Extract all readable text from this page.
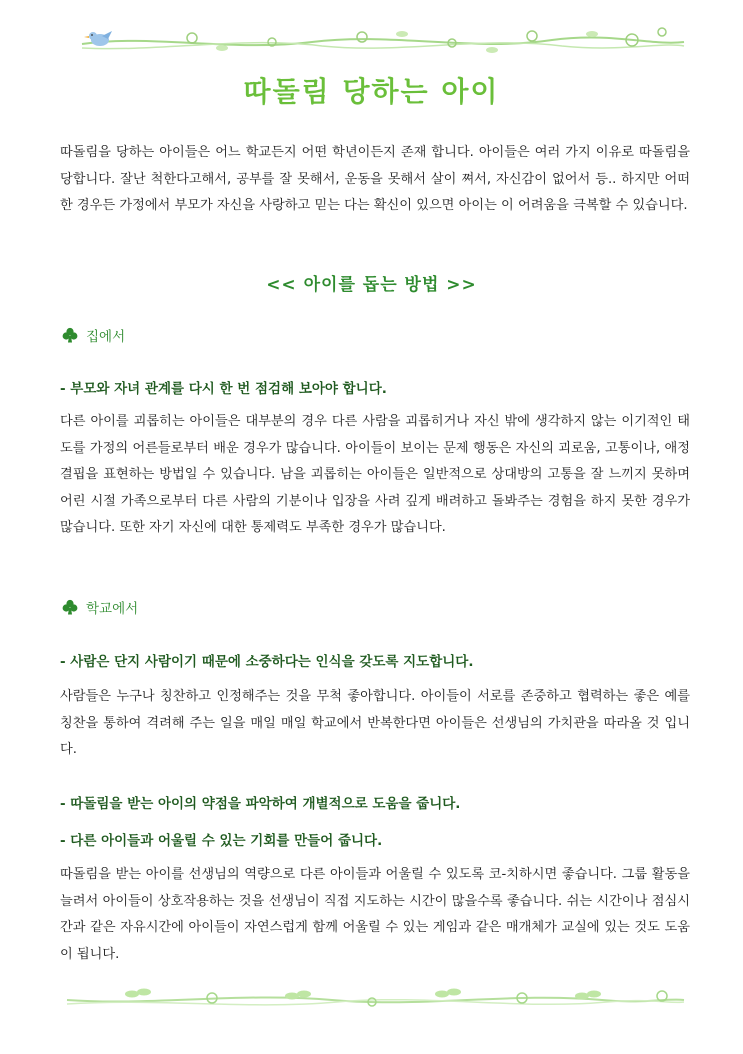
따돌림 당하는 아이
따돌림을 당하는 아이들은 어느 학교든지 어떤 학년이든지 존재 합니다. 아이들은 여러 가지 이유로 따돌림을 당합니다. 잘난 척한다고해서, 공부를 잘 못해서, 운동을 못해서 살이 쪄서, 자신감이 없어서 등.. 하지만 어떠한 경우든 가정에서 부모가 자신을 사랑하고 믿는 다는 확신이 있으면 아이는 이 어려움을 극복할 수 있습니다.
<< 아이를 돕는 방법 >>
집에서
- 부모와 자녀 관계를 다시 한 번 점검해 보아야 합니다.
다른 아이를 괴롭히는 아이들은 대부분의 경우 다른 사람을 괴롭히거나 자신 밖에 생각하지 않는 이기적인 태도를 가정의 어른들로부터 배운 경우가 많습니다. 아이들이 보이는 문제 행동은 자신의 괴로움, 고통이나, 애정결핍을 표현하는 방법일 수 있습니다. 남을 괴롭히는 아이들은 일반적으로 상대방의 고통을 잘 느끼지 못하며 어린 시절 가족으로부터 다른 사람의 기분이나 입장을 사려 깊게 배려하고 돌봐주는 경험을 하지 못한 경우가 많습니다. 또한 자기 자신에 대한 통제력도 부족한 경우가 많습니다.
학교에서
- 사람은 단지 사람이기 때문에 소중하다는 인식을 갖도록 지도합니다.
사람들은 누구나 칭찬하고 인정해주는 것을 무척 좋아합니다. 아이들이 서로를 존중하고 협력하는 좋은 예를 칭찬을 통하여 격려해 주는 일을 매일 매일 학교에서 반복한다면 아이들은 선생님의 가치관을 따라올 것 입니다.
- 따돌림을 받는 아이의 약점을 파악하여 개별적으로 도움을 줍니다.
- 다른 아이들과 어울릴 수 있는 기회를 만들어 줍니다.
따돌림을 받는 아이를 선생님의 역량으로 다른 아이들과 어울릴 수 있도록 코-치하시면 좋습니다. 그룹 활동을 늘려서 아이들이 상호작용하는 것을 선생님이 직접 지도하는 시간이 많을수록 좋습니다. 쉬는 시간이나 점심시간과 같은 자유시간에 아이들이 자연스럽게 함께 어울릴 수 있는 게임과 같은 매개체가 교실에 있는 것도 도움이 됩니다.
